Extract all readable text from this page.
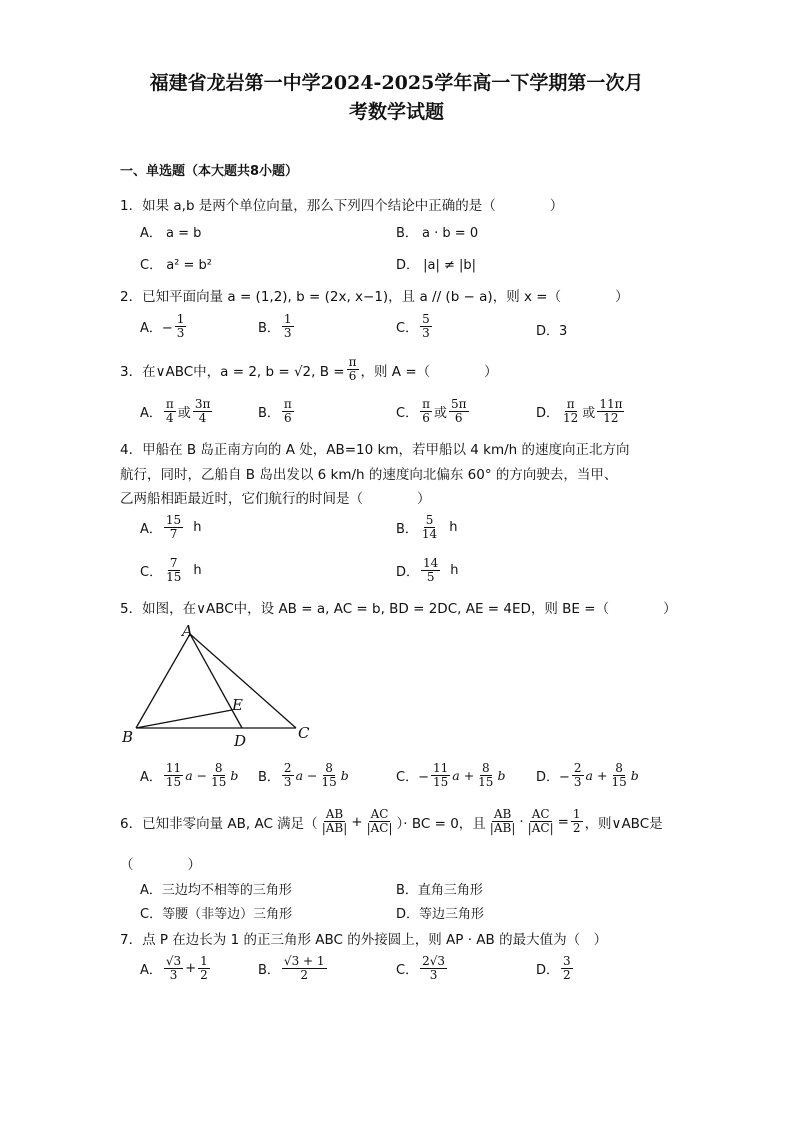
福建省龙岩第一中学2024-2025学年高一下学期第一次月
考数学试题
一、单选题（本大题共8小题）
1．如果 a,b 是两个单位向量，那么下列四个结论中正确的是（　　　　）
A． a = b	B． a · b = 0
C． a² = b²	D． |a| ≠ |b|
2．已知平面向量 a = (1,2), b = (2x, x−1)，且 a // (b − a)，则 x =（　　　　）
A．− $\frac{1}{3}$	B． $\frac{1}{3}$	C． $\frac{5}{3}$	D．3
3．在∨ABC中，a = 2, b = √2, $B = \frac{\pi}{6}$ ，则 A =（　　　　）
A． $\frac{\pi}{4}$ 或 $\frac{3\pi}{4}$	B． $\frac{\pi}{6}$	C． $\frac{\pi}{6}$ 或 $\frac{5\pi}{6}$	D． $\frac{\pi}{12}$ 或 $\frac{11\pi}{12}$
4．甲船在 B 岛正南方向的 A 处，AB=10 km，若甲船以 4 km/h 的速度向正北方向
航行，同时，乙船自 B 岛出发以 6 km/h 的速度向北偏东 60° 的方向驶去，当甲、
乙两船相距最近时，它们航行的时间是（　　　　）
A． $\frac{15}{7}$ h	B． $\frac{5}{14}$ h
C． $\frac{7}{15}$ h	D． $\frac{14}{5}$ h
5．如图，在∨ABC中，设 AB = a, AC = b, BD = 2DC, AE = 4ED，则 BE =（　　　　）
A
B	C
D
E
A． $\frac{11}{15}$ $a - \frac{8}{15}$ b B． $\frac{2}{3}$ $a - \frac{8}{15}$ b	C．− $\frac{11}{15}$ $a + \frac{8}{15}$ b D．− $\frac{2}{3}$ $a + \frac{8}{15}$ b
6．已知非零向量 AB, AC 满足（ $\frac{AB}{|AB|} + \frac{AC}{|AC|}$ ）· BC = 0，且 $\frac{AB}{|AB|} \cdot \frac{AC}{|AC|} = \frac{1}{2}$ ，则∨ABC是
（　　　　）
A．三边均不相等的三角形	B．直角三角形
C．等腰（非等边）三角形	D．等边三角形
7．点 P 在边长为 1 的正三角形 ABC 的外接圆上，则 AP · AB 的最大值为（　）
A． $\frac{√3}{3} + \frac{1}{2}$	B． $\frac{√3 + 1}{2}$	C． $\frac{2√3}{3}$	D． $\frac{3}{2}$
